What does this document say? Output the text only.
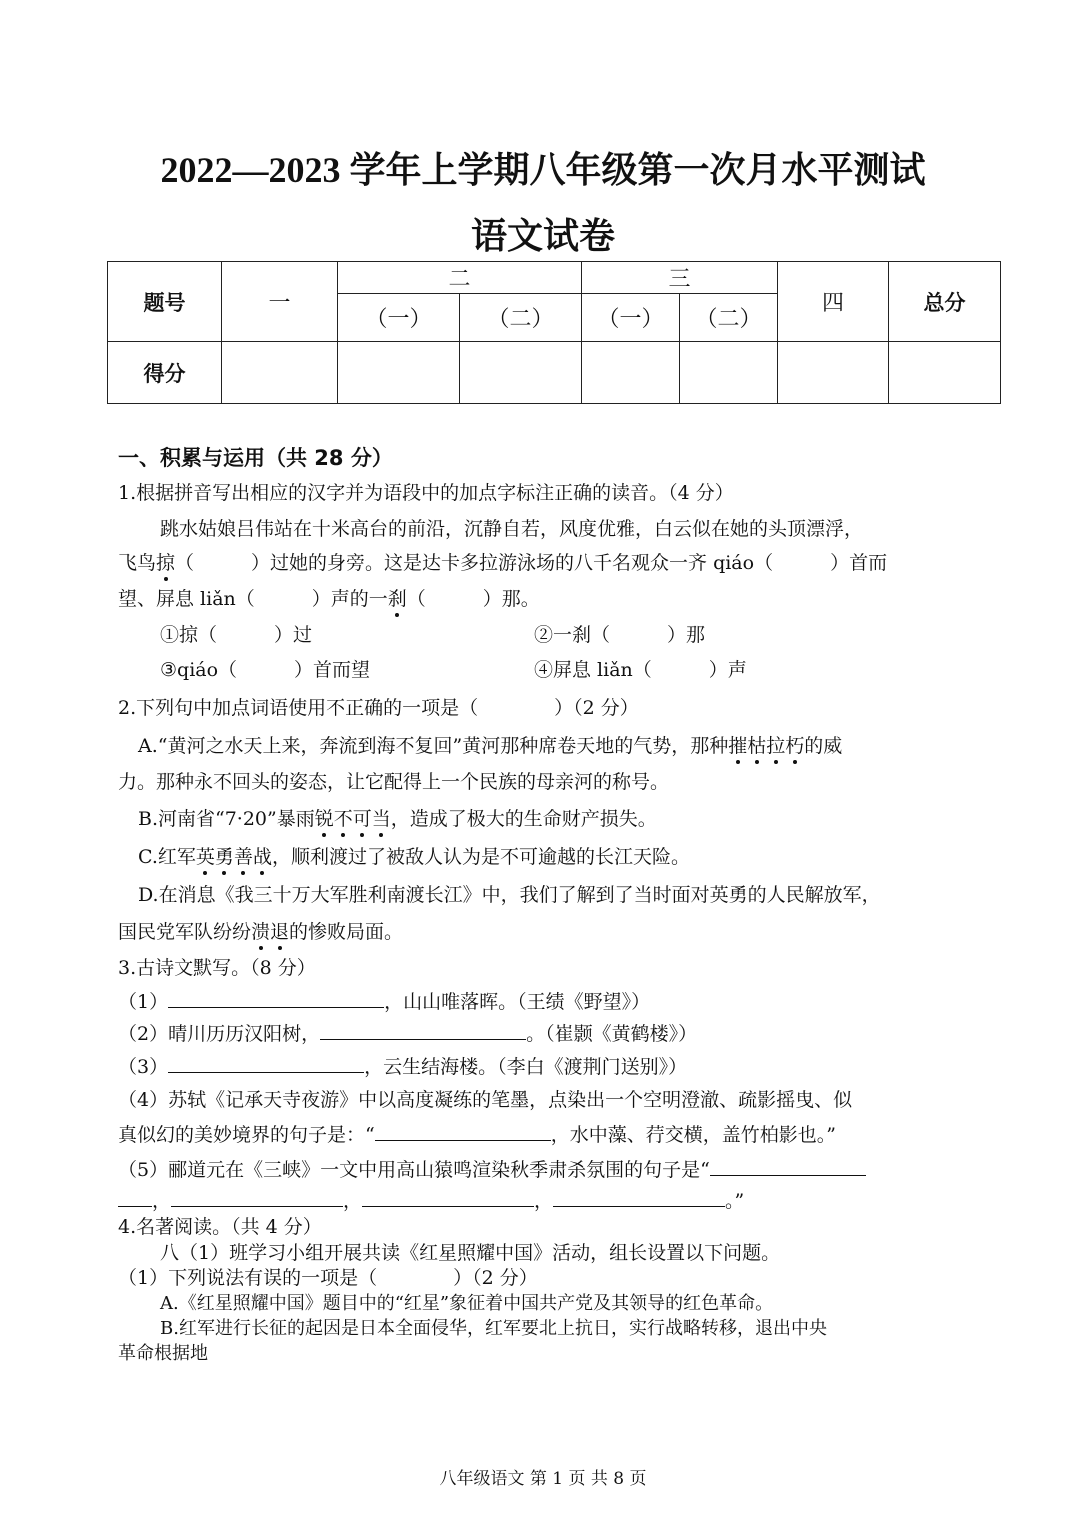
2022—2023 学年上学期八年级第一次月水平测试
语文试卷
题号	一	二		三		四	总分
		（一）	（二）	（一）	（二）		
得分							
一、积累与运用（共 28 分）
1.根据拼音写出相应的汉字并为语段中的加点字标注正确的读音。（4 分）
跳水姑娘吕伟站在十米高台的前沿，沉静自若，风度优雅，白云似在她的头顶漂浮，
飞鸟掠（　　　）过她的身旁。这是达卡多拉游泳场的八千名观众一齐 qiáo（　　　）首而
望、屏息 liǎn（　　　）声的一刹（　　　）那。
①掠（　　　）过	②一刹（　　　）那
③qiáo（　　　）首而望	④屏息 liǎn（　　　）声
2.下列句中加点词语使用不正确的一项是（　　　　）（2 分）
A.“黄河之水天上来，奔流到海不复回”黄河那种席卷天地的气势，那种摧枯拉朽的威
力。那种永不回头的姿态，让它配得上一个民族的母亲河的称号。
B.河南省“7·20”暴雨锐不可当，造成了极大的生命财产损失。
C.红军英勇善战，顺利渡过了被敌人认为是不可逾越的长江天险。
D.在消息《我三十万大军胜利南渡长江》中，我们了解到了当时面对英勇的人民解放军，
国民党军队纷纷溃退的惨败局面。
3.古诗文默写。（8 分）
（1）	，山山唯落晖。（王绩《野望》）
（2）晴川历历汉阳树，	。（崔颢《黄鹤楼》）
（3）	，云生结海楼。（李白《渡荆门送别》）
（4）苏轼《记承天寺夜游》中以高度凝练的笔墨，点染出一个空明澄澈、疏影摇曳、似
真似幻的美妙境界的句子是：“	，水中藻、荇交横，盖竹柏影也。”
（5）郦道元在《三峡》一文中用高山猿鸣渲染秋季肃杀氛围的句子是“
，	，	，	。”
4.名著阅读。（共 4 分）
八（1）班学习小组开展共读《红星照耀中国》活动，组长设置以下问题。
（1）下列说法有误的一项是（　　　　）（2 分）
A.《红星照耀中国》题目中的“红星”象征着中国共产党及其领导的红色革命。
B.红军进行长征的起因是日本全面侵华，红军要北上抗日，实行战略转移，退出中央
革命根据地
八年级语文 第 1 页 共 8 页
